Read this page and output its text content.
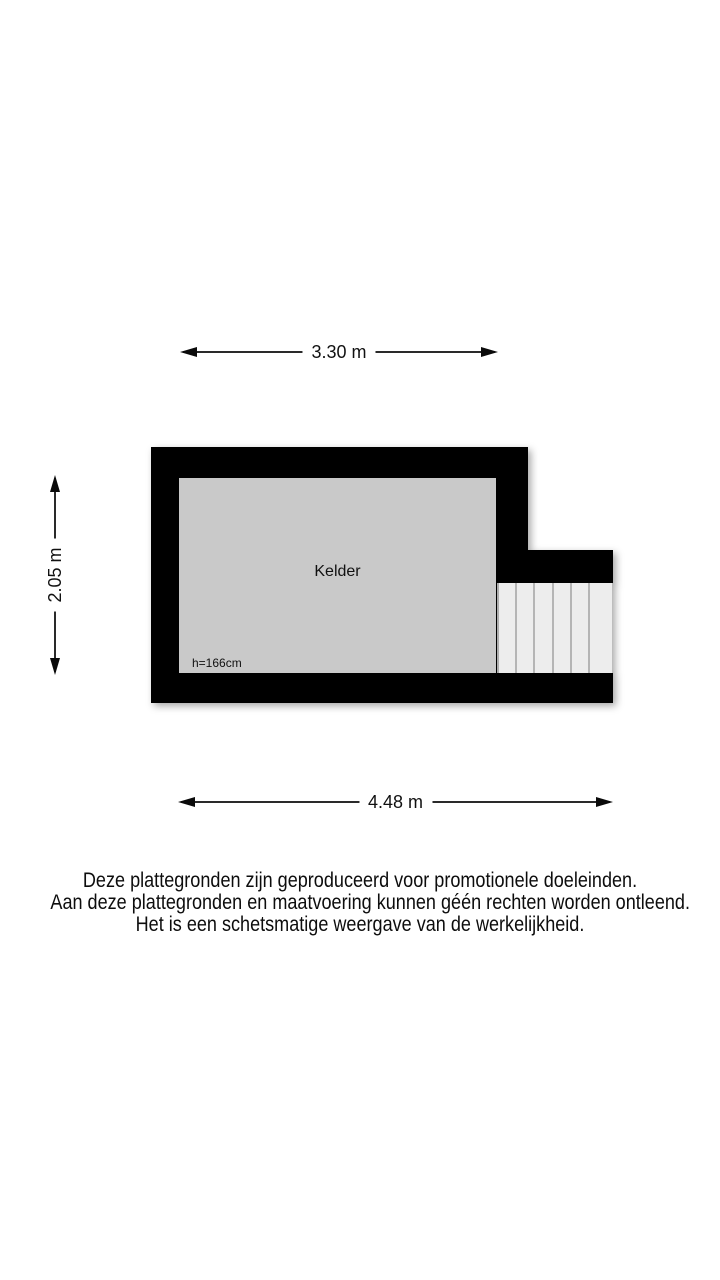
3.30 m
2.05 m	Kelder
h=166cm
4.48 m
Deze plattegronden zijn geproduceerd voor promotionele doeleinden.
Aan deze plattegronden en maatvoering kunnen géén rechten worden ontleend.
Het is een schetsmatige weergave van de werkelijkheid.
